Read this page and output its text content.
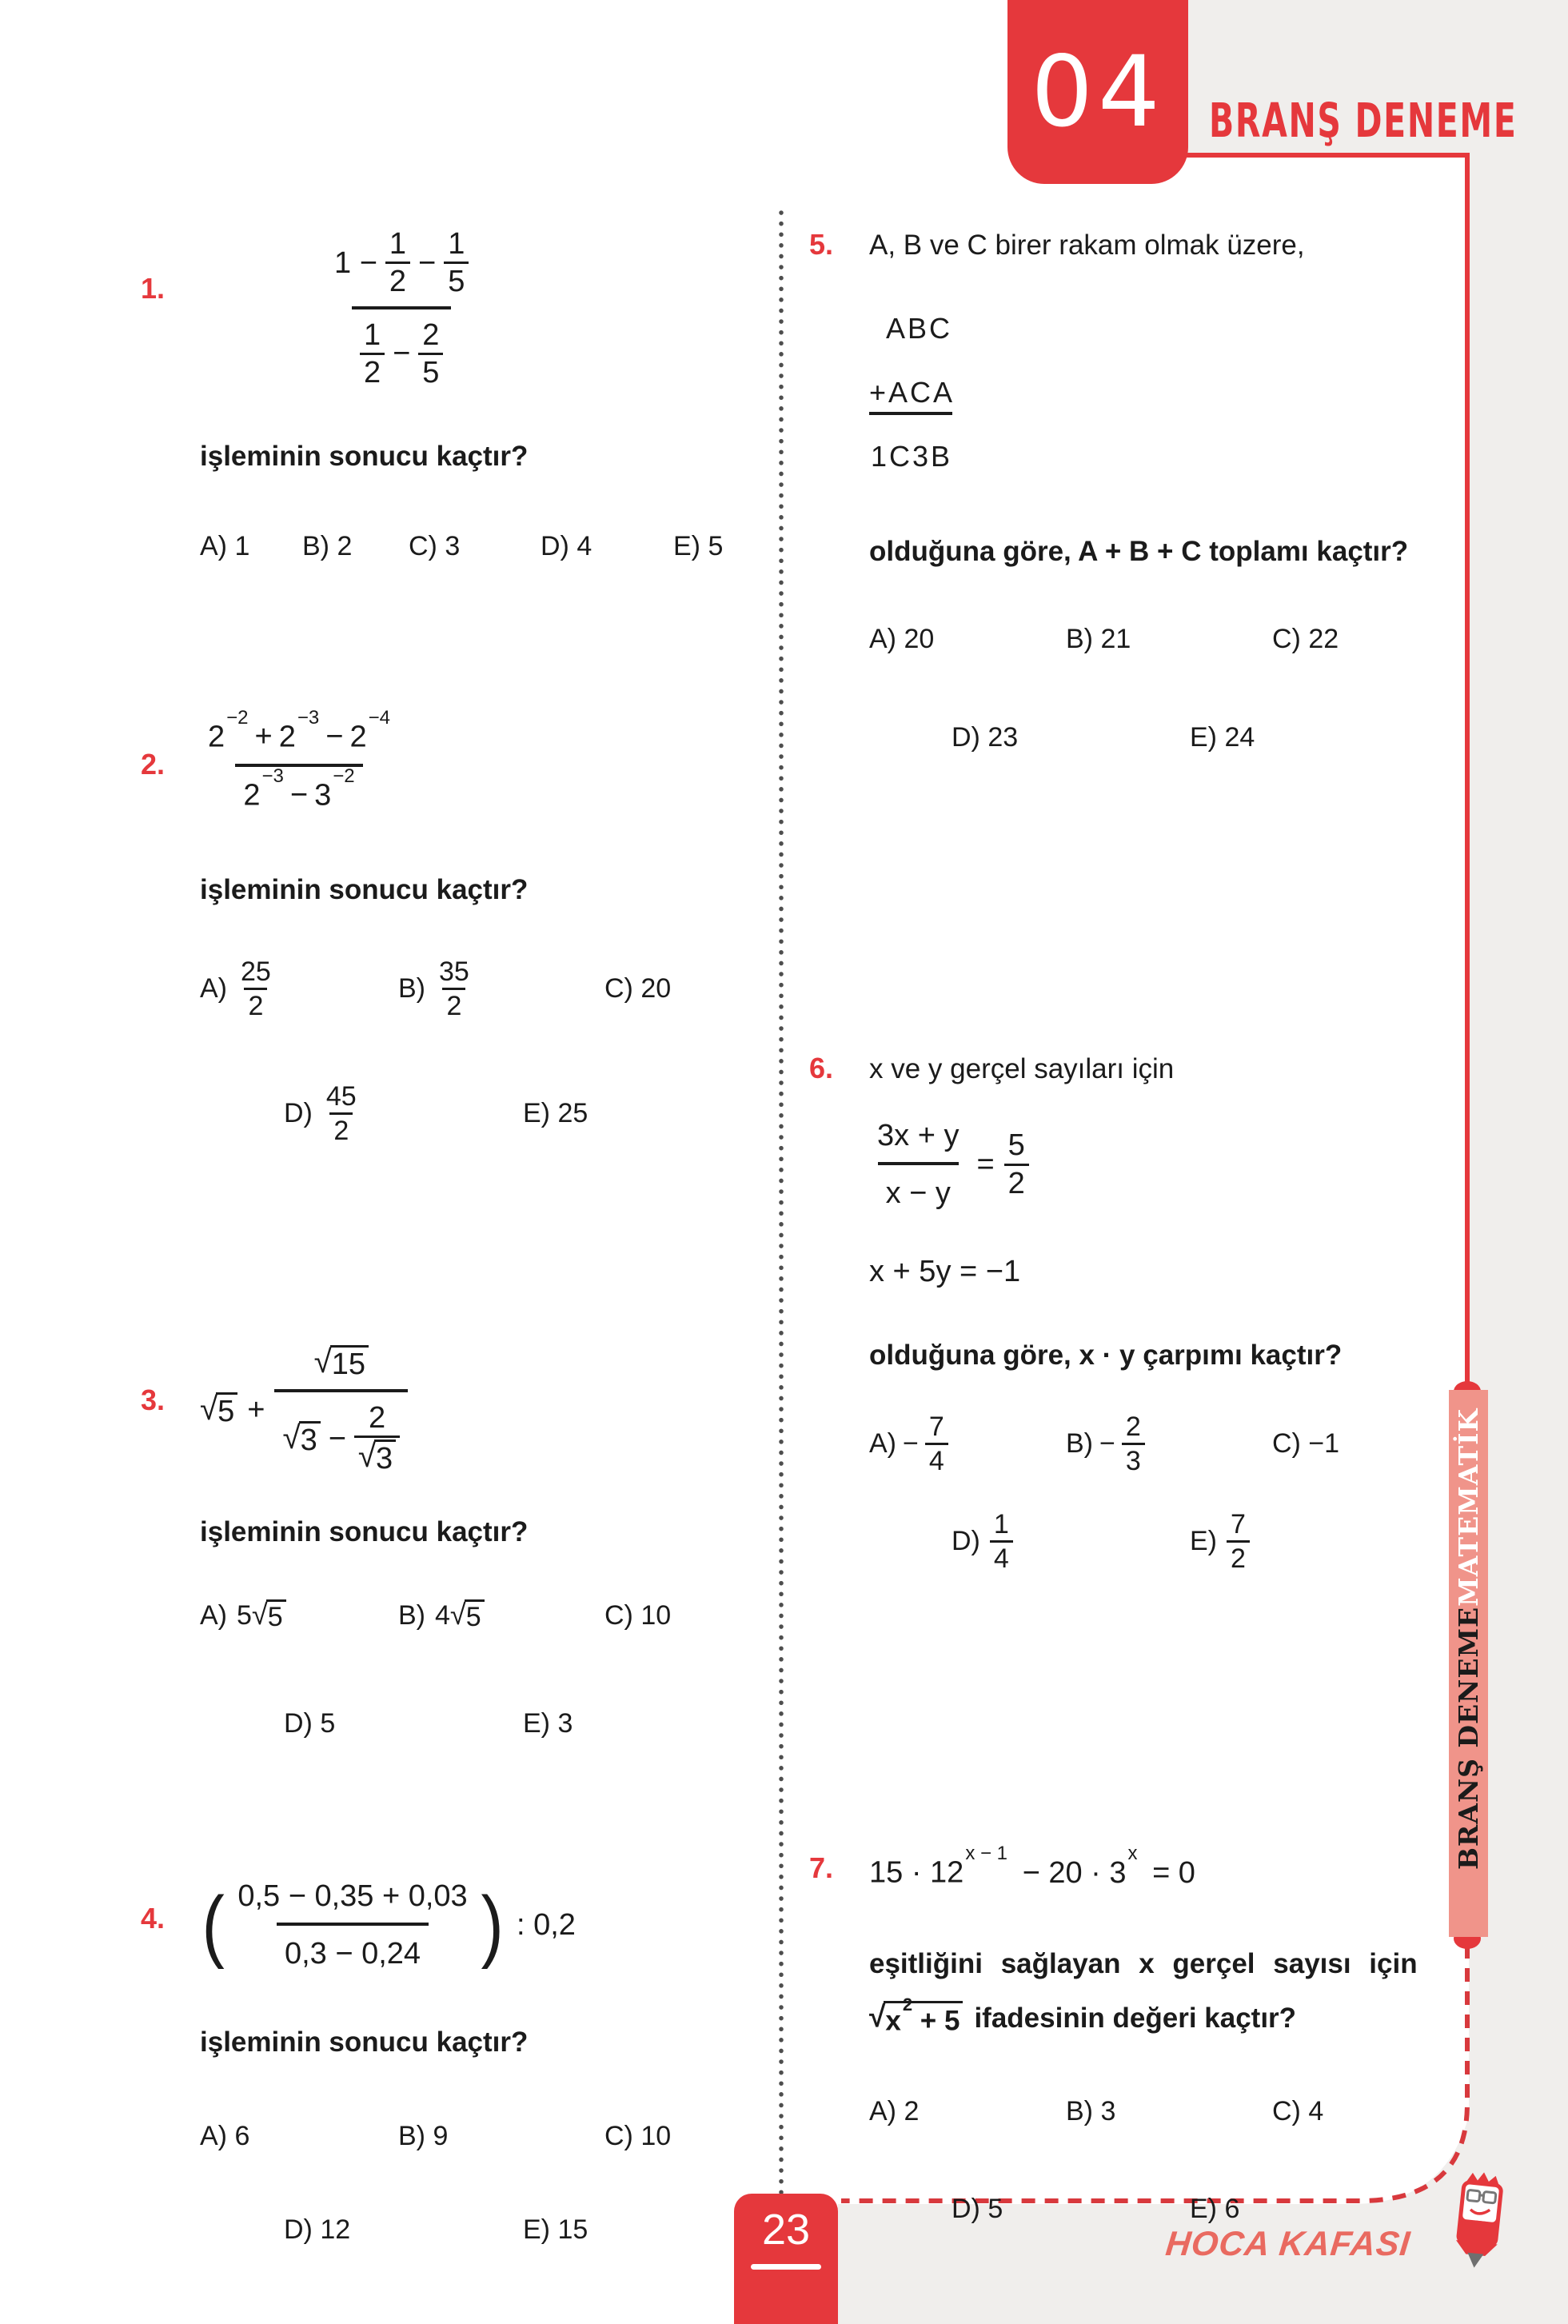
04 BRANŞ DENEME
BRANŞ DENEME
MATEMATİK
1.
$1 - \frac{1}{2} - \frac{1}{5}$
$\frac{1}{2} - \frac{2}{5}$
işleminin sonucu kaçtır?
A) 1 B) 2 C) 3	D) 4	E) 5
2. $2^{-2}$
+ $2^{-3}$
− $2^{-4}$
$2^{-3}$
− $3^{-2}$
işleminin sonucu kaçtır?
$A) \frac{25}{2}$	$B) \frac{35}{2}$	C) 20
$D) \frac{45}{2}$	E) 25
3. √ 5 +
√ 15
√ $3 - \frac{2}{√ 3}$
işleminin sonucu kaçtır?
A) 5 √ 5	B) 4 √ 5	C) 10
D) 5	E) 3
4. ( 0,5 − 0,35 + 0,03
0,3 − 0,24 ) : 0,2
işleminin sonucu kaçtır?
A) 6	B) 9	C) 10
D) 12	E) 15
5. A, B ve C birer rakam olmak üzere,
ABC
+ ACA
1C3B
olduğuna göre, A + B + C toplamı kaçtır?
A) 20	B) 21	C) 22
D) 23	E) 24
6. x ve y gerçel sayıları için
$\frac{3x + y}{x - y} = \frac{5}{2}$
x + 5y = −1
olduğuna göre, x · y çarpımı kaçtır?
$A) - \frac{7}{4}$	$B) - \frac{2}{3}$	C) −1
$D) \frac{1}{4}$	$E) \frac{7}{2}$
7. $15 \cdot 12^{x - 1} - 20 \cdot 3^x = 0$
eşitliğini sağlayan x gerçel sayısı için
√ $x^2 + 5$ ifadesinin değeri kaçtır?
A) 2	B) 3	C) 4
D) 5	E) 6
23	HOCA KAFASI
